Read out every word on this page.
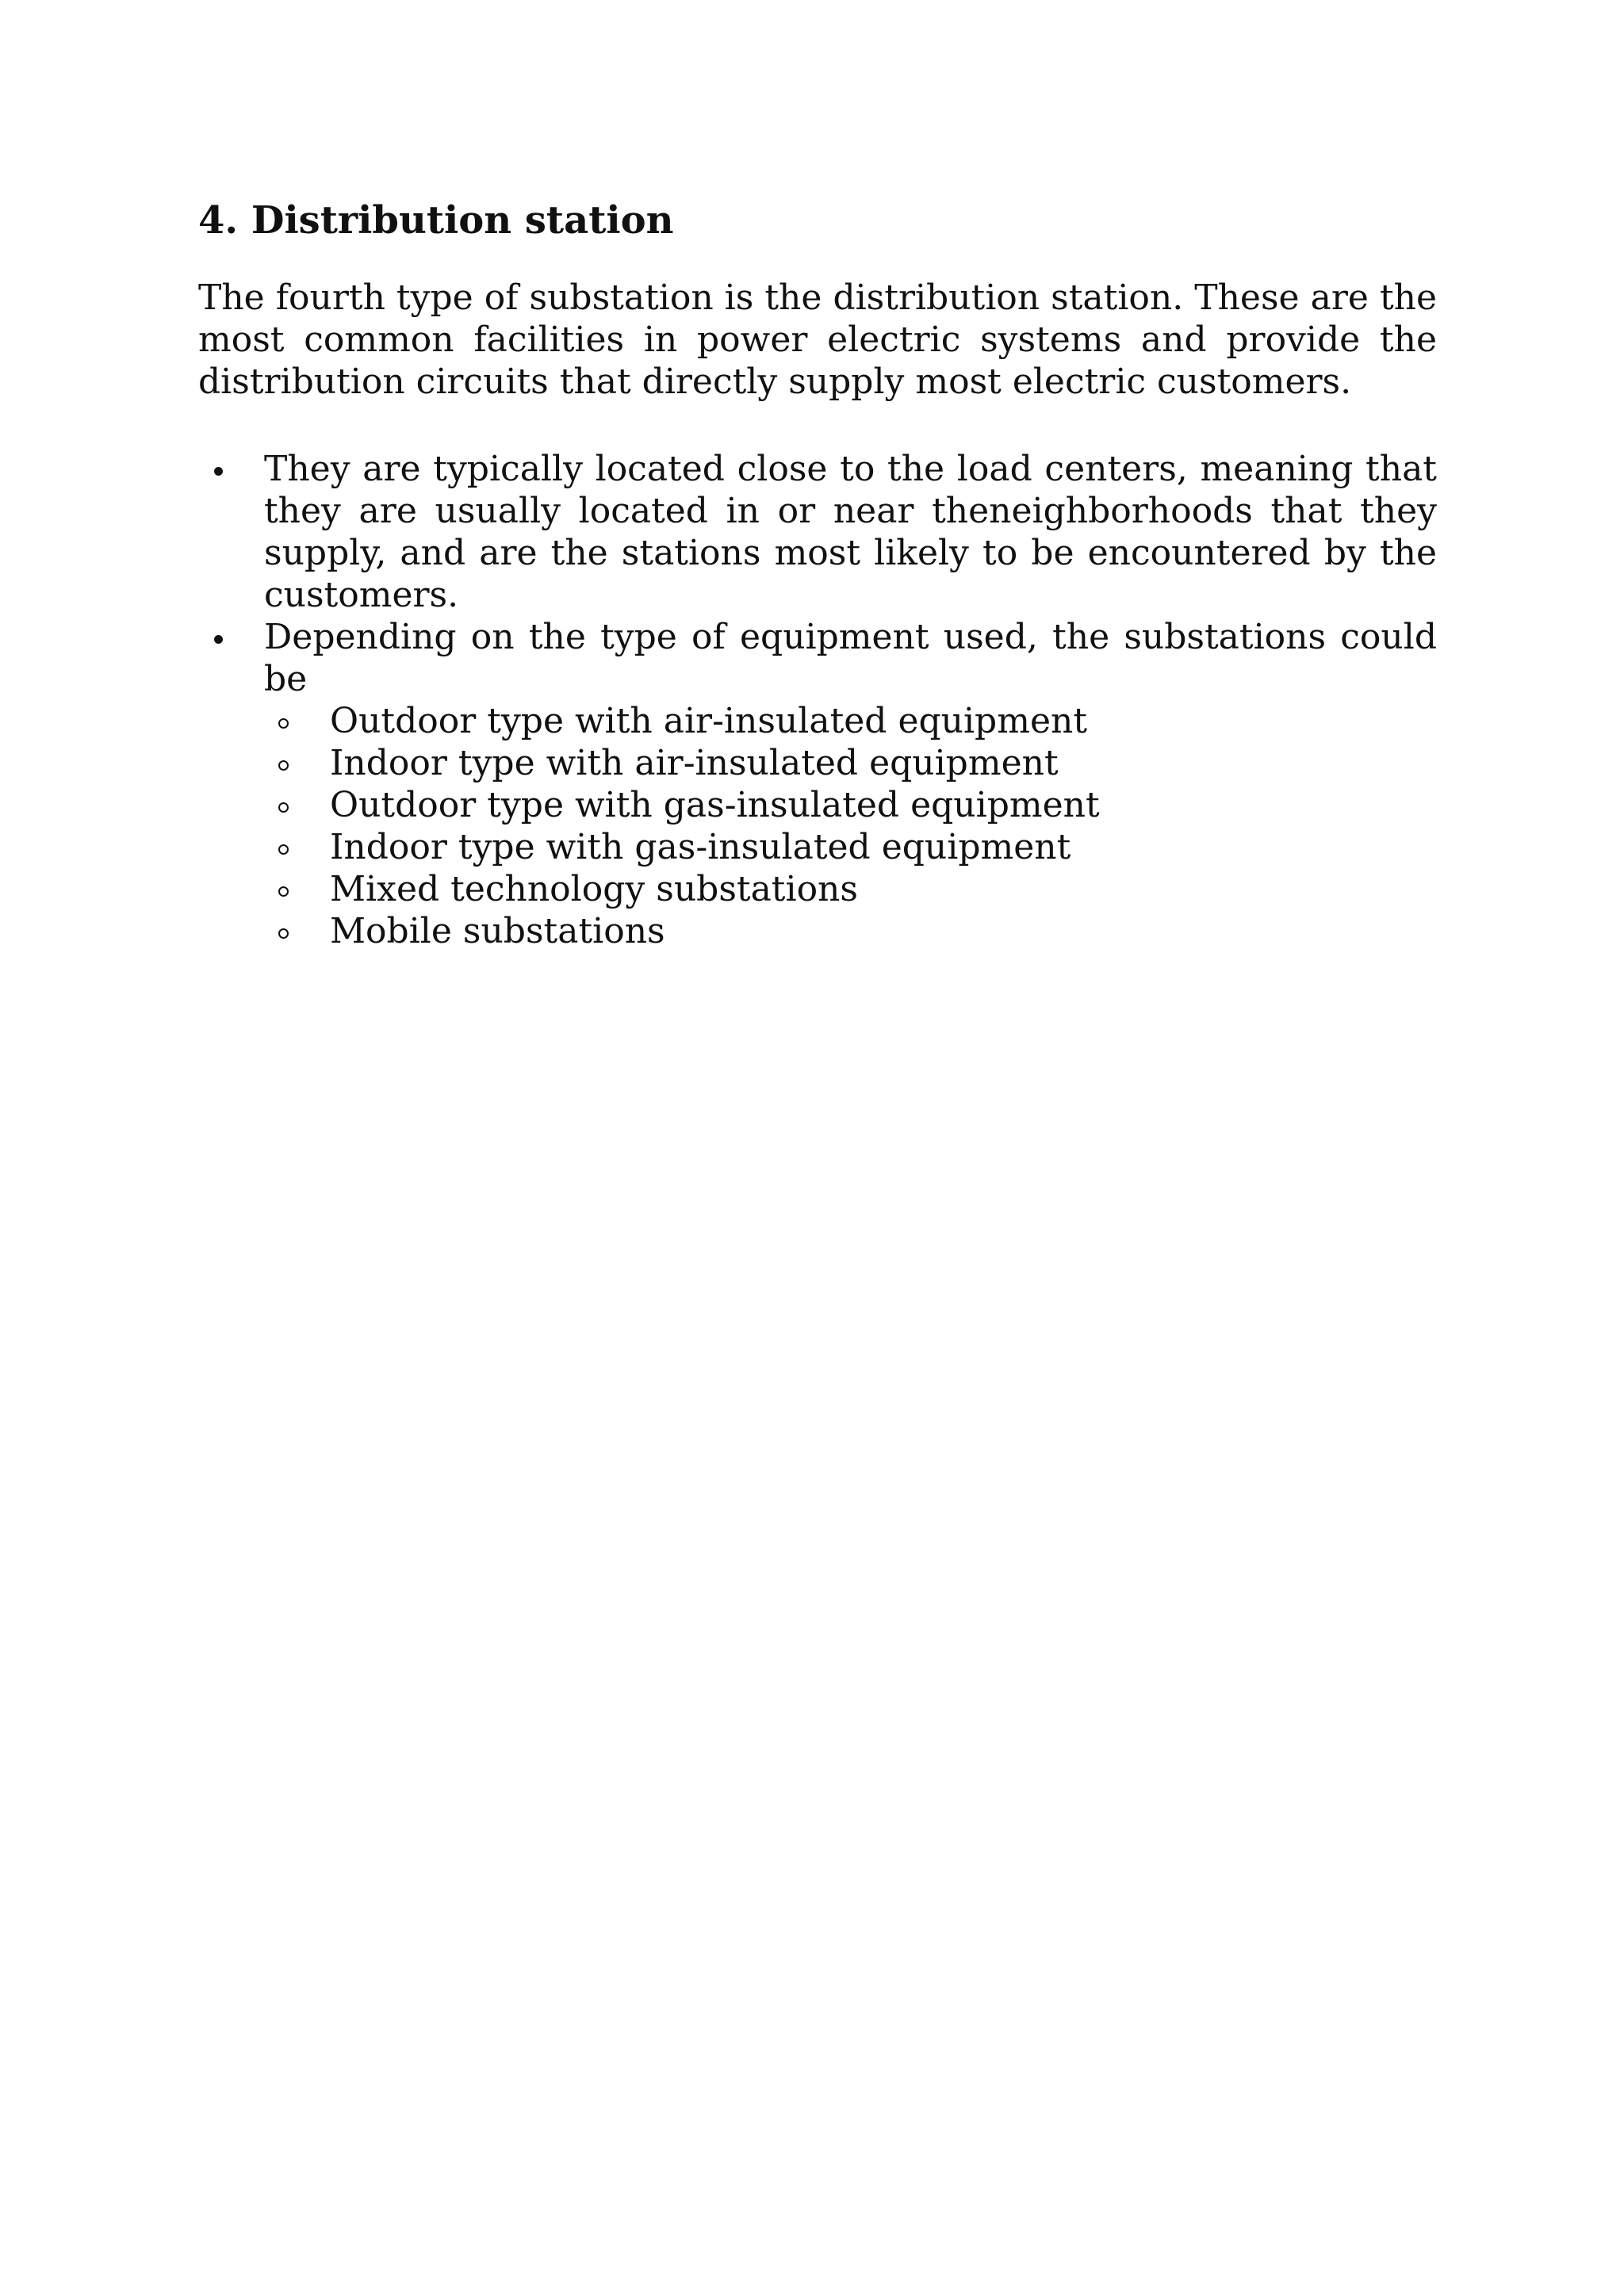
4. Distribution station

The fourth type of substation is the distribution station. These are the most common facilities in power electric systems and provide the distribution circuits that directly supply most electric customers.

They are typically located close to the load centers, meaning that they are usually located in or near theneighborhoods that they supply, and are the stations most likely to be encountered by the customers.
Depending on the type of equipment used, the substations could be
Outdoor type with air-insulated equipment
Indoor type with air-insulated equipment
Outdoor type with gas-insulated equipment
Indoor type with gas-insulated equipment
Mixed technology substations
Mobile substations
